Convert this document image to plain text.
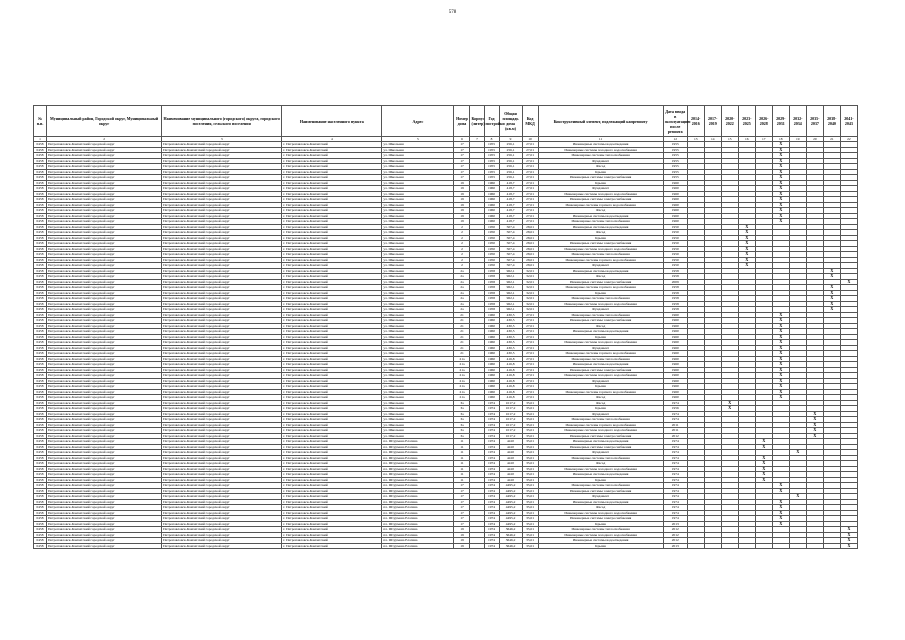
578
№ п.п.	Муниципальный район, Городской округ, Муниципальный округ	Наименование муниципального (городского) округа, городского поселения, сельского поселения	Наименование населенного пункта	Адрес	Номер дома	Корпус (литер)	Год постройки	Общая площадь дома (кв.м)	Код МКД	Конструктивный элемент, подлежащий капремонту	Дата ввода в эксплуатацию после ремонта	2014-2016	2017-2019	2020-2022	2023-2025	2026-2028	2029-2031	2032-2034	2035-2037	2038-2040	2041-2043
1	2	3	4	5	6	7	8	9	10	11	12	13	14	15	16	17	18	19	20	21	22
0458	Петропавловск-Камчатский городской округ	Петропавловск-Камчатский городской округ	г. Петропавловск-Камчатский	ул. Школьная	17		1955	256,1	27,01	Инженерные системы водоотведения	1955						X				
0458	Петропавловск-Камчатский городской округ	Петропавловск-Камчатский городской округ	г. Петропавловск-Камчатский	ул. Школьная	17		1955	256,1	27,01	Инженерные системы холодного водоснабжения	1955						X				
0458	Петропавловск-Камчатский городской округ	Петропавловск-Камчатский городской округ	г. Петропавловск-Камчатский	ул. Школьная	17		1955	256,1	27,01	Инженерные системы теплоснабжения	1955						X				
0458	Петропавловск-Камчатский городской округ	Петропавловск-Камчатский городской округ	г. Петропавловск-Камчатский	ул. Школьная	17		1955	256,1	27,01	Фундамент	1955						X				
0458	Петропавловск-Камчатский городской округ	Петропавловск-Камчатский городской округ	г. Петропавловск-Камчатский	ул. Школьная	17		1955	256,1	27,01	Фасад	1955						X				
0458	Петропавловск-Камчатский городской округ	Петропавловск-Камчатский городской округ	г. Петропавловск-Камчатский	ул. Школьная	17		1955	256,1	27,01	Крыша	1955						X				
0458	Петропавловск-Камчатский городской округ	Петропавловск-Камчатский городской округ	г. Петропавловск-Камчатский	ул. Школьная	17		1955	256,1	27,01	Инженерные системы электроснабжения	1955						X				
0458	Петропавловск-Камчатский городской округ	Петропавловск-Камчатский городской округ	г. Петропавловск-Камчатский	ул. Школьная	19		1960	418,7	27,01	Крыша	1960						X				
0458	Петропавловск-Камчатский городской округ	Петропавловск-Камчатский городской округ	г. Петропавловск-Камчатский	ул. Школьная	19		1960	418,7	27,01	Фундамент	1960						X				
0458	Петропавловск-Камчатский городской округ	Петропавловск-Камчатский городской округ	г. Петропавловск-Камчатский	ул. Школьная	19		1960	418,7	27,01	Инженерные системы холодного водоснабжения	1960						X				
0458	Петропавловск-Камчатский городской округ	Петропавловск-Камчатский городской округ	г. Петропавловск-Камчатский	ул. Школьная	19		1960	418,7	27,01	Инженерные системы электроснабжения	1960						X				
0458	Петропавловск-Камчатский городской округ	Петропавловск-Камчатский городской округ	г. Петропавловск-Камчатский	ул. Школьная	19		1960	418,7	27,01	Инженерные системы горячего водоснабжения	1960						X				
0458	Петропавловск-Камчатский городской округ	Петропавловск-Камчатский городской округ	г. Петропавловск-Камчатский	ул. Школьная	19		1960	418,7	27,01	Фасад	1960						X				
0458	Петропавловск-Камчатский городской округ	Петропавловск-Камчатский городской округ	г. Петропавловск-Камчатский	ул. Школьная	19		1960	418,7	27,01	Инженерные системы водоотведения	1960						X				
0458	Петропавловск-Камчатский городской округ	Петропавловск-Камчатский городской округ	г. Петропавловск-Камчатский	ул. Школьная	19		1960	418,7	27,01	Инженерные системы теплоснабжения	1960						X				
0458	Петропавловск-Камчатский городской округ	Петропавловск-Камчатский городской округ	г. Петропавловск-Камчатский	ул. Школьная	2		1950	507,4	28,01	Инженерные системы водоотведения	1950				X						
0458	Петропавловск-Камчатский городской округ	Петропавловск-Камчатский городской округ	г. Петропавловск-Камчатский	ул. Школьная	2		1950	507,4	28,01	Фасад	1950				X						
0458	Петропавловск-Камчатский городской округ	Петропавловск-Камчатский городской округ	г. Петропавловск-Камчатский	ул. Школьная	2		1950	507,4	28,01	Крыша	1950				X						
0458	Петропавловск-Камчатский городской округ	Петропавловск-Камчатский городской округ	г. Петропавловск-Камчатский	ул. Школьная	2		1950	507,4	28,01	Инженерные системы электроснабжения	1950				X						
0458	Петропавловск-Камчатский городской округ	Петропавловск-Камчатский городской округ	г. Петропавловск-Камчатский	ул. Школьная	2		1950	507,4	28,01	Инженерные системы холодного водоснабжения	1950				X						
0458	Петропавловск-Камчатский городской округ	Петропавловск-Камчатский городской округ	г. Петропавловск-Камчатский	ул. Школьная	2		1950	507,4	28,01	Инженерные системы теплоснабжения	1950				X						
0458	Петропавловск-Камчатский городской округ	Петропавловск-Камчатский городской округ	г. Петропавловск-Камчатский	ул. Школьная	2		1950	507,4	28,01	Инженерные системы горячего водоснабжения	1950				X						
0458	Петропавловск-Камчатский городской округ	Петропавловск-Камчатский городской округ	г. Петропавловск-Камчатский	ул. Школьная	2		1950	507,4	28,01	Фундамент	1950				X						
0458	Петропавловск-Камчатский городской округ	Петропавловск-Камчатский городской округ	г. Петропавловск-Камчатский	ул. Школьная	2а		1958	962,1	32,01	Инженерные системы водоотведения	1958									X	
0458	Петропавловск-Камчатский городской округ	Петропавловск-Камчатский городской округ	г. Петропавловск-Камчатский	ул. Школьная	2а		1958	962,1	32,01	Фасад	1958									X	
0458	Петропавловск-Камчатский городской округ	Петропавловск-Камчатский городской округ	г. Петропавловск-Камчатский	ул. Школьная	2а		1958	962,1	32,01	Инженерные системы электроснабжения	2009										X
0458	Петропавловск-Камчатский городской округ	Петропавловск-Камчатский городской округ	г. Петропавловск-Камчатский	ул. Школьная	2а		1958	962,1	32,01	Инженерные системы горячего водоснабжения	1958									X	
0458	Петропавловск-Камчатский городской округ	Петропавловск-Камчатский городской округ	г. Петропавловск-Камчатский	ул. Школьная	2а		1958	962,1	32,01	Крыша	1958									X	
0458	Петропавловск-Камчатский городской округ	Петропавловск-Камчатский городской округ	г. Петропавловск-Камчатский	ул. Школьная	2а		1958	962,1	32,01	Инженерные системы теплоснабжения	1958									X	
0458	Петропавловск-Камчатский городской округ	Петропавловск-Камчатский городской округ	г. Петропавловск-Камчатский	ул. Школьная	2а		1958	962,1	32,01	Инженерные системы холодного водоснабжения	1958									X	
0458	Петропавловск-Камчатский городской округ	Петропавловск-Камчатский городской округ	г. Петропавловск-Камчатский	ул. Школьная	2а		1958	962,1	32,01	Фундамент	1958									X	
0458	Петропавловск-Камчатский городской округ	Петропавловск-Камчатский городской округ	г. Петропавловск-Камчатский	ул. Школьная	21		1960	430,5	27,01	Инженерные системы теплоснабжения	1960						X				
0458	Петропавловск-Камчатский городской округ	Петропавловск-Камчатский городской округ	г. Петропавловск-Камчатский	ул. Школьная	21		1960	430,5	27,01	Инженерные системы электроснабжения	1960						X				
0458	Петропавловск-Камчатский городской округ	Петропавловск-Камчатский городской округ	г. Петропавловск-Камчатский	ул. Школьная	21		1960	430,5	27,01	Фасад	1960						X				
0458	Петропавловск-Камчатский городской округ	Петропавловск-Камчатский городской округ	г. Петропавловск-Камчатский	ул. Школьная	21		1960	430,5	27,01	Инженерные системы водоотведения	1960						X				
0458	Петропавловск-Камчатский городской округ	Петропавловск-Камчатский городской округ	г. Петропавловск-Камчатский	ул. Школьная	21		1960	430,5	27,01	Крыша	1960						X				
0458	Петропавловск-Камчатский городской округ	Петропавловск-Камчатский городской округ	г. Петропавловск-Камчатский	ул. Школьная	21		1960	430,5	27,01	Инженерные системы холодного водоснабжения	1960						X				
0458	Петропавловск-Камчатский городской округ	Петропавловск-Камчатский городской округ	г. Петропавловск-Камчатский	ул. Школьная	21		1960	430,5	27,01	Фундамент	1960						X				
0458	Петропавловск-Камчатский городской округ	Петропавловск-Камчатский городской округ	г. Петропавловск-Камчатский	ул. Школьная	21		1960	430,5	27,01	Инженерные системы горячего водоснабжения	1960						X				
0458	Петропавловск-Камчатский городской округ	Петропавловск-Камчатский городской округ	г. Петропавловск-Камчатский	ул. Школьная	21а		1960	416,8	27,01	Инженерные системы теплоснабжения	1960						X				
0458	Петропавловск-Камчатский городской округ	Петропавловск-Камчатский городской округ	г. Петропавловск-Камчатский	ул. Школьная	21а		1960	416,8	27,01	Инженерные системы водоотведения	1960						X				
0458	Петропавловск-Камчатский городской округ	Петропавловск-Камчатский городской округ	г. Петропавловск-Камчатский	ул. Школьная	21а		1960	416,8	27,01	Инженерные системы электроснабжения	1960						X				
0458	Петропавловск-Камчатский городской округ	Петропавловск-Камчатский городской округ	г. Петропавловск-Камчатский	ул. Школьная	21а		1960	416,8	27,01	Инженерные системы холодного водоснабжения	1960						X				
0458	Петропавловск-Камчатский городской округ	Петропавловск-Камчатский городской округ	г. Петропавловск-Камчатский	ул. Школьная	21а		1960	416,8	27,01	Фундамент	1960						X				
0458	Петропавловск-Камчатский городской округ	Петропавловск-Камчатский городской округ	г. Петропавловск-Камчатский	ул. Школьная	21а		1960	416,8	27,01	Крыша	1960						X				
0458	Петропавловск-Камчатский городской округ	Петропавловск-Камчатский городской округ	г. Петропавловск-Камчатский	ул. Школьная	21а		1960	416,8	27,01	Инженерные системы горячего водоснабжения	1960						X				
0458	Петропавловск-Камчатский городской округ	Петропавловск-Камчатский городской округ	г. Петропавловск-Камчатский	ул. Школьная	21а		1960	416,8	27,01	Фасад	1960						X				
0458	Петропавловск-Камчатский городской округ	Петропавловск-Камчатский городской округ	г. Петропавловск-Камчатский	ул. Школьная	3а		1974	1017,2	35,01	Фасад	1974			X							
0458	Петропавловск-Камчатский городской округ	Петропавловск-Камчатский городской округ	г. Петропавловск-Камчатский	ул. Школьная	3а		1974	1017,2	35,01	Крыша	1956			X							
0458	Петропавловск-Камчатский городской округ	Петропавловск-Камчатский городской округ	г. Петропавловск-Камчатский	ул. Школьная	3а		1974	1017,2	35,01	Фундамент	1974								X		
0458	Петропавловск-Камчатский городской округ	Петропавловск-Камчатский городской округ	г. Петропавловск-Камчатский	ул. Школьная	3а		1974	1017,2	35,01	Инженерные системы теплоснабжения	1974								X		
0458	Петропавловск-Камчатский городской округ	Петропавловск-Камчатский городской округ	г. Петропавловск-Камчатский	ул. Школьная	3а		1974	1017,2	35,01	Инженерные системы горячего водоснабжения	2011								X		
0458	Петропавловск-Камчатский городской округ	Петропавловск-Камчатский городской округ	г. Петропавловск-Камчатский	ул. Школьная	3а		1974	1017,2	35,01	Инженерные системы холодного водоснабжения	2011								X		
0458	Петропавловск-Камчатский городской округ	Петропавловск-Камчатский городской округ	г. Петропавловск-Камчатский	ул. Школьная	3а		1974	1017,2	35,01	Инженерные системы электроснабжения	2012								X		
0458	Петропавловск-Камчатский городской округ	Петропавловск-Камчатский городской округ	г. Петропавловск-Камчатский	пл. Штурмана Елагина	11		1974	4410	35,01	Инженерные системы водоотведения	1974					X					
0458	Петропавловск-Камчатский городской округ	Петропавловск-Камчатский городской округ	г. Петропавловск-Камчатский	пл. Штурмана Елагина	11		1974	4410	35,01	Инженерные системы электроснабжения	1974					X					
0458	Петропавловск-Камчатский городской округ	Петропавловск-Камчатский городской округ	г. Петропавловск-Камчатский	пл. Штурмана Елагина	11		1974	4410	35,01	Фундамент	1974							X			
0458	Петропавловск-Камчатский городской округ	Петропавловск-Камчатский городской округ	г. Петропавловск-Камчатский	пл. Штурмана Елагина	11		1974	4410	35,01	Инженерные системы теплоснабжения	1974					X					
0458	Петропавловск-Камчатский городской округ	Петропавловск-Камчатский городской округ	г. Петропавловск-Камчатский	пл. Штурмана Елагина	11		1974	4410	35,01	Фасад	1974					X					
0458	Петропавловск-Камчатский городской округ	Петропавловск-Камчатский городской округ	г. Петропавловск-Камчатский	пл. Штурмана Елагина	11		1974	4410	35,01	Инженерные системы холодного водоснабжения	1974					X					
0458	Петропавловск-Камчатский городской округ	Петропавловск-Камчатский городской округ	г. Петропавловск-Камчатский	пл. Штурмана Елагина	11		1974	4410	35,01	Инженерные системы водоотведения	1974					X					
0458	Петропавловск-Камчатский городской округ	Петропавловск-Камчатский городской округ	г. Петропавловск-Камчатский	пл. Штурмана Елагина	11		1974	4410	35,01	Крыша	1974					X					
0458	Петропавловск-Камчатский городской округ	Петропавловск-Камчатский городской округ	г. Петропавловск-Камчатский	пл. Штурмана Елагина	17		1974	4495,2	35,01	Инженерные системы теплоснабжения	1974						X				
0458	Петропавловск-Камчатский городской округ	Петропавловск-Камчатский городской округ	г. Петропавловск-Камчатский	пл. Штурмана Елагина	17		1974	4495,2	35,01	Инженерные системы электроснабжения	1974						X				
0458	Петропавловск-Камчатский городской округ	Петропавловск-Камчатский городской округ	г. Петропавловск-Камчатский	пл. Штурмана Елагина	17		1974	4495,2	35,01	Фундамент	1974							X			
0458	Петропавловск-Камчатский городской округ	Петропавловск-Камчатский городской округ	г. Петропавловск-Камчатский	пл. Штурмана Елагина	17		1974	4495,2	35,01	Инженерные системы водоотведения	1974						X				
0458	Петропавловск-Камчатский городской округ	Петропавловск-Камчатский городской округ	г. Петропавловск-Камчатский	пл. Штурмана Елагина	17		1974	4495,2	35,01	Фасад	1974						X				
0458	Петропавловск-Камчатский городской округ	Петропавловск-Камчатский городской округ	г. Петропавловск-Камчатский	пл. Штурмана Елагина	17		1974	4495,2	35,01	Инженерные системы холодного водоснабжения	1974						X				
0458	Петропавловск-Камчатский городской округ	Петропавловск-Камчатский городской округ	г. Петропавловск-Камчатский	пл. Штурмана Елагина	17		1974	4495,2	35,01	Инженерные системы электроснабжения	1974						X				
0458	Петропавловск-Камчатский городской округ	Петропавловск-Камчатский городской округ	г. Петропавловск-Камчатский	пл. Штурмана Елагина	17		1974	4495,2	35,01	Крыша	2013						X				
0458	Петропавловск-Камчатский городской округ	Петропавловск-Камчатский городской округ	г. Петропавловск-Камчатский	пл. Штурмана Елагина	19		1974	3646,2	35,01	Инженерные системы теплоснабжения	2012										X
0458	Петропавловск-Камчатский городской округ	Петропавловск-Камчатский городской округ	г. Петропавловск-Камчатский	пл. Штурмана Елагина	19		1974	3646,2	35,01	Инженерные системы холодного водоснабжения	2012										X
0458	Петропавловск-Камчатский городской округ	Петропавловск-Камчатский городской округ	г. Петропавловск-Камчатский	пл. Штурмана Елагина	19		1974	3646,2	35,01	Инженерные системы водоотведения	2012										X
0458	Петропавловск-Камчатский городской округ	Петропавловск-Камчатский городской округ	г. Петропавловск-Камчатский	пл. Штурмана Елагина	19		1974	3646,2	35,01	Крыша	2013										X
